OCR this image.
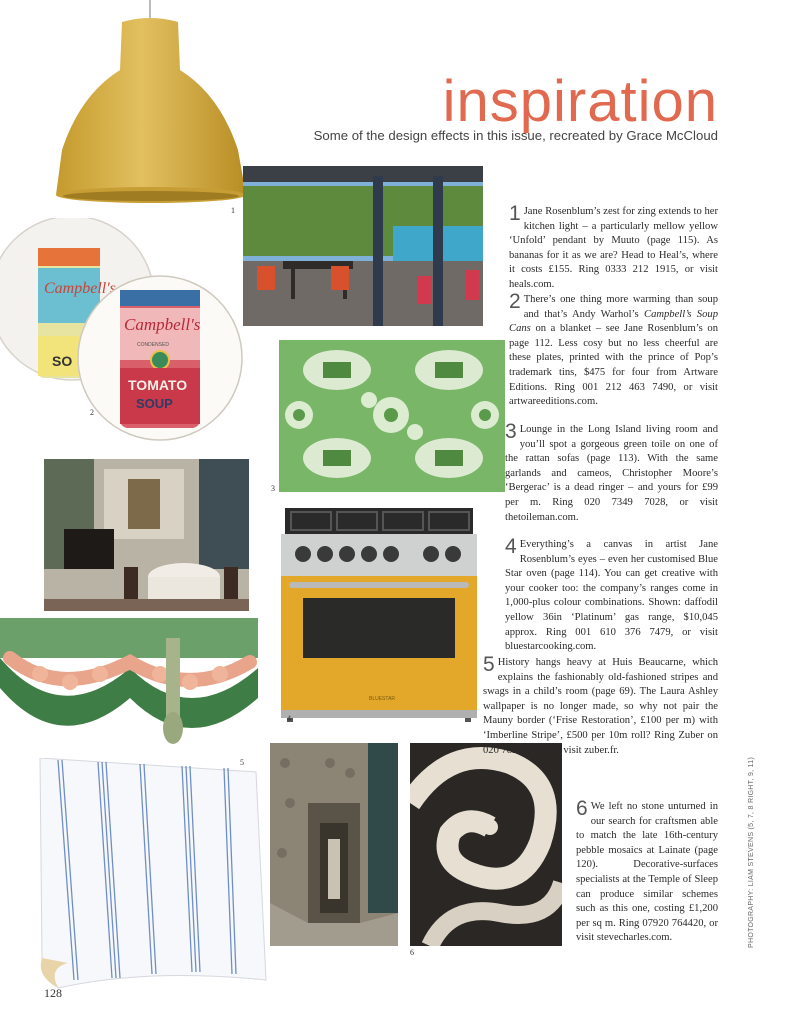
inspiration
Some of the design effects in this issue, recreated by Grace McCloud
1
Campbell's
SO
Campbell's
CONDENSED
TOMATO
SOUP
2
3
BLUESTAR
4
5
6
1 Jane Rosenblum’s zest for zing extends to her kitchen light – a particularly mellow yellow ‘Unfold’ pendant by Muuto (page 115). As bananas for it as we are? Head to Heal’s, where it costs £155. Ring 0333 212 1915, or visit heals.com.
2 There’s one thing more warming than soup and that’s Andy Warhol’s Campbell’s Soup Cans on a blanket – see Jane Rosenblum’s on page 112. Less cosy but no less cheerful are these plates, printed with the prince of Pop’s trademark tins, $475 for four from Artware Editions. Ring 001 212 463 7490, or visit artwareeditions.com.
3 Lounge in the Long Island living room and you’ll spot a gorgeous green toile on one of the rattan sofas (page 113). With the same garlands and cameos, Christopher Moore’s ‘Bergerac’ is a dead ringer – and yours for £99 per m. Ring 020 7349 7028, or visit thetoileman.com.
4 Everything’s a canvas in artist Jane Rosenblum’s eyes – even her customised Blue Star oven (page 114). You can get creative with your cooker too: the company’s ranges come in 1,000-plus colour combinations. Shown: daffodil yellow 36in ‘Platinum’ gas range, $10,045 approx. Ring 001 610 376 7479, or visit bluestarcooking.com.
5 History hangs heavy at Huis Beaucarne, which explains the fashionably old-fashioned stripes and swags in a child’s room (page 69). The Laura Ashley wallpaper is no longer made, so why not pair the Mauny border (‘Frise Restoration’, £100 per m) with ‘Imberline Stripe’, £500 per 10m roll? Ring Zuber on 020 7824 8265, or visit zuber.fr.
6 We left no stone unturned in our search for craftsmen able to match the late 16th-century pebble mosaics at Lainate (page 120). Decorative-surfaces specialists at the Temple of Sleep can produce similar schemes such as this one, costing £1,200 per sq m. Ring 07920 764420, or visit stevecharles.com.
128
PHOTOGRAPHY: LIAM STEVENS (5, 7, 8 RIGHT, 9, 11)
